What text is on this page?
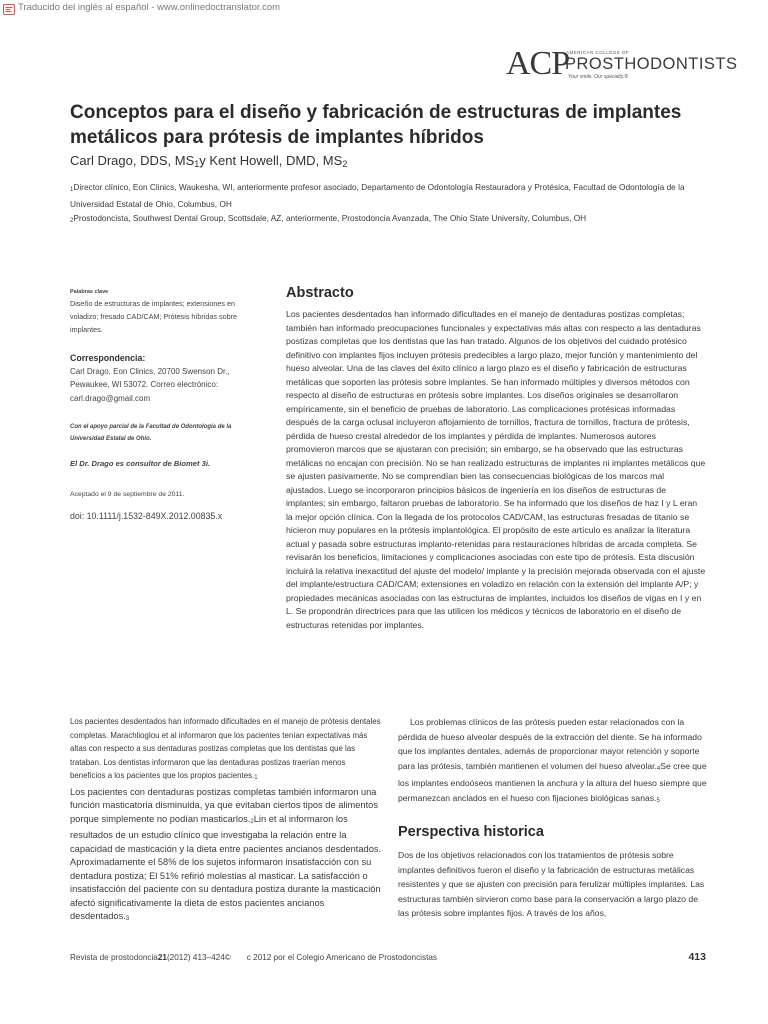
Traducido del inglés al español - www.onlinedoctranslator.com
ACP
AMERICAN COLLEGE OF
PROSTHODONTISTS
Your smile. Our specialty.®
Conceptos para el diseño y fabricación de estructuras de implantes metálicos para prótesis de implantes híbridos
Carl Drago, DDS, $MS_1y$ Kent Howell, DMD, $MS_2$
$_1$Director clínico, Eon Clinics, Waukesha, WI, anteriormente profesor asociado, Departamento de Odontología Restauradora y Protésica, Facultad de Odontología de la Universidad Estatal de Ohio, Columbus, OH
$_2$Prostodoncista, Southwest Dental Group, Scottsdale, AZ, anteriormente, Prostodoncia Avanzada, The Ohio State University, Columbus, OH
Palabras clave
Diseño de estructuras de implantes; extensiones en voladizo; fresado CAD/CAM; Prótesis híbridas sobre implantes.
Correspondencia:
Carl Drago, Eon Clinics, 20700 Swenson Dr., Pewaukee, WI 53072. Correo electrónico: carl.drago@gmail.com
Con el apoyo parcial de la Facultad de Odontología de la Universidad Estatal de Ohio.
El Dr. Drago es consultor de Biomet 3i.
Aceptado el 9 de septiembre de 2011.
doi: 10.1111/j.1532-849X.2012.00835.x
Abstracto
Los pacientes desdentados han informado dificultades en el manejo de dentaduras postizas completas; también han informado preocupaciones funcionales y expectativas más altas con respecto a las dentaduras postizas completas que los dentistas que las han tratado. Algunos de los objetivos del cuidado protésico definitivo con implantes fijos incluyen prótesis predecibles a largo plazo, mejor función y mantenimiento del hueso alveolar. Una de las claves del éxito clínico a largo plazo es el diseño y fabricación de estructuras metálicas que soporten las prótesis sobre implantes. Se han informado múltiples y diversos métodos con respecto al diseño de estructuras en prótesis sobre implantes. Los diseños originales se desarrollaron empíricamente, sin el beneficio de pruebas de laboratorio. Las complicaciones protésicas informadas después de la carga oclusal incluyeron aflojamiento de tornillos, fractura de tornillos, fractura de prótesis, pérdida de hueso crestal alrededor de los implantes y pérdida de implantes. Numerosos autores promovieron marcos que se ajustaran con precisión; sin embargo, se ha observado que las estructuras metálicas no encajan con precisión. No se han realizado estructuras de implantes ni implantes metálicos que se ajusten pasivamente. No se comprendían bien las consecuencias biológicas de los marcos mal ajustados. Luego se incorporaron principios básicos de ingeniería en los diseños de estructuras de implantes; sin embargo, faltaron pruebas de laboratorio. Se ha informado que los diseños de haz I y L eran la mejor opción clínica. Con la llegada de los protocolos CAD/CAM, las estructuras fresadas de titanio se hicieron muy populares en la prótesis implantológica. El propósito de este artículo es analizar la literatura actual y pasada sobre estructuras implanto-retenidas para restauraciones híbridas de arcada completa. Se revisarán los beneficios, limitaciones y complicaciones asociadas con este tipo de prótesis. Esta discusión incluirá la relativa inexactitud del ajuste del modelo/ implante y la precisión mejorada observada con el ajuste del implante/estructura CAD/CAM; extensiones en voladizo en relación con la extensión del implante A/P; y propiedades mecánicas asociadas con las estructuras de implantes, incluidos los diseños de vigas en I y en L. Se propondrán directrices para que las utilicen los médicos y técnicos de laboratorio en el diseño de estructuras retenidas por implantes.
Los pacientes desdentados han informado dificultades en el manejo de prótesis dentales completas. Marachlioglou et al informaron que los pacientes tenían expectativas más altas con respecto a sus dentaduras postizas completas que los dentistas que las trataban. Los dentistas informaron que las dentaduras postizas traerían menos beneficios a los pacientes que los propios $pacientes._1$
Los pacientes con dentaduras postizas completas también informaron una función masticatoria disminuida, ya que evitaban ciertos tipos de alimentos porque simplemente no podían $masticarlos._2Lin$ et al informaron los resultados de un estudio clínico que investigaba la relación entre la capacidad de masticación y la dieta entre pacientes ancianos desdentados. Aproximadamente el 58% de los sujetos informaron insatisfacción con su dentadura postiza; El 51% refirió molestias al masticar. La satisfacción o insatisfacción del paciente con su dentadura postiza durante la masticación afectó significativamente la dieta de estos pacientes ancianos $desdentados._3$
Los problemas clínicos de las prótesis pueden estar relacionados con la pérdida de hueso alveolar después de la extracción del diente. Se ha informado que los implantes dentales, además de proporcionar mayor retención y soporte para las prótesis, también mantienen el volumen del hueso $alveolar._4Se$ cree que los implantes endoóseos mantienen la anchura y la altura del hueso siempre que permanezcan anclados en el hueso con fijaciones biológicas $sanas._5$
Perspectiva historica
Dos de los objetivos relacionados con los tratamientos de prótesis sobre implantes definitivos fueron el diseño y la fabricación de estructuras metálicas resistentes y que se ajusten con precisión para ferulizar múltiples implantes. Las estructuras también sirvieron como base para la conservación a largo plazo de las prótesis sobre implantes fijos. A través de los años,
Revista de prostodoncia21(2012) 413–424© c 2012 por el Colegio Americano de Prostodoncistas	413
